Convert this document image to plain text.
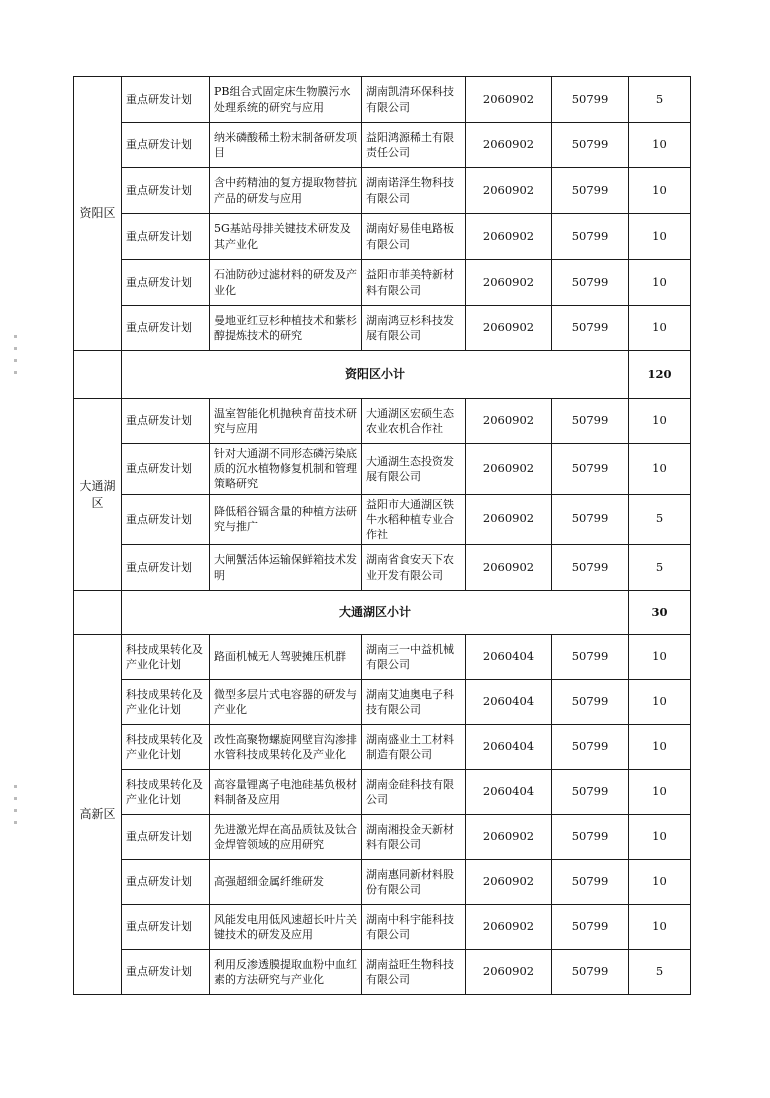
资阳区	重点研发计划	PB组合式固定床生物膜污水处理系统的研究与应用	湖南凯清环保科技有限公司	2060902	50799	5
	重点研发计划	纳米磷酸稀土粉末制备研发项目	益阳鸿源稀土有限责任公司	2060902	50799	10
	重点研发计划	含中药精油的复方提取物替抗产品的研发与应用	湖南诺泽生物科技有限公司	2060902	50799	10
	重点研发计划	5G基站母排关键技术研发及其产业化	湖南好易佳电路板有限公司	2060902	50799	10
	重点研发计划	石油防砂过滤材料的研发及产业化	益阳市菲美特新材料有限公司	2060902	50799	10
	重点研发计划	曼地亚红豆杉种植技术和紫杉醇提炼技术的研究	湖南鸿豆杉科技发展有限公司	2060902	50799	10
	资阳区小计					120
大通湖区	重点研发计划	温室智能化机抛秧育苗技术研究与应用	大通湖区宏硕生态农业农机合作社	2060902	50799	10
	重点研发计划	针对大通湖不同形态磷污染底质的沉水植物修复机制和管理策略研究	大通湖生态投资发展有限公司	2060902	50799	10
	重点研发计划	降低稻谷镉含量的种植方法研究与推广	益阳市大通湖区铁牛水稻种植专业合作社	2060902	50799	5
	重点研发计划	大闸蟹活体运输保鲜箱技术发明	湖南省食安天下农业开发有限公司	2060902	50799	5
	大通湖区小计					30
高新区	科技成果转化及产业化计划	路面机械无人驾驶摊压机群	湖南三一中益机械有限公司	2060404	50799	10
	科技成果转化及产业化计划	微型多层片式电容器的研发与产业化	湖南艾迪奥电子科技有限公司	2060404	50799	10
	科技成果转化及产业化计划	改性高聚物螺旋网壁盲沟渗排水管科技成果转化及产业化	湖南盛业土工材料制造有限公司	2060404	50799	10
	科技成果转化及产业化计划	高容量锂离子电池硅基负极材料制备及应用	湖南金硅科技有限公司	2060404	50799	10
	重点研发计划	先进激光焊在高品质钛及钛合金焊管领域的应用研究	湖南湘投金天新材料有限公司	2060902	50799	10
	重点研发计划	高强超细金属纤维研发	湖南惠同新材料股份有限公司	2060902	50799	10
	重点研发计划	风能发电用低风速超长叶片关键技术的研发及应用	湖南中科宇能科技有限公司	2060902	50799	10
	重点研发计划	利用反渗透膜提取血粉中血红素的方法研究与产业化	湖南益旺生物科技有限公司	2060902	50799	5
